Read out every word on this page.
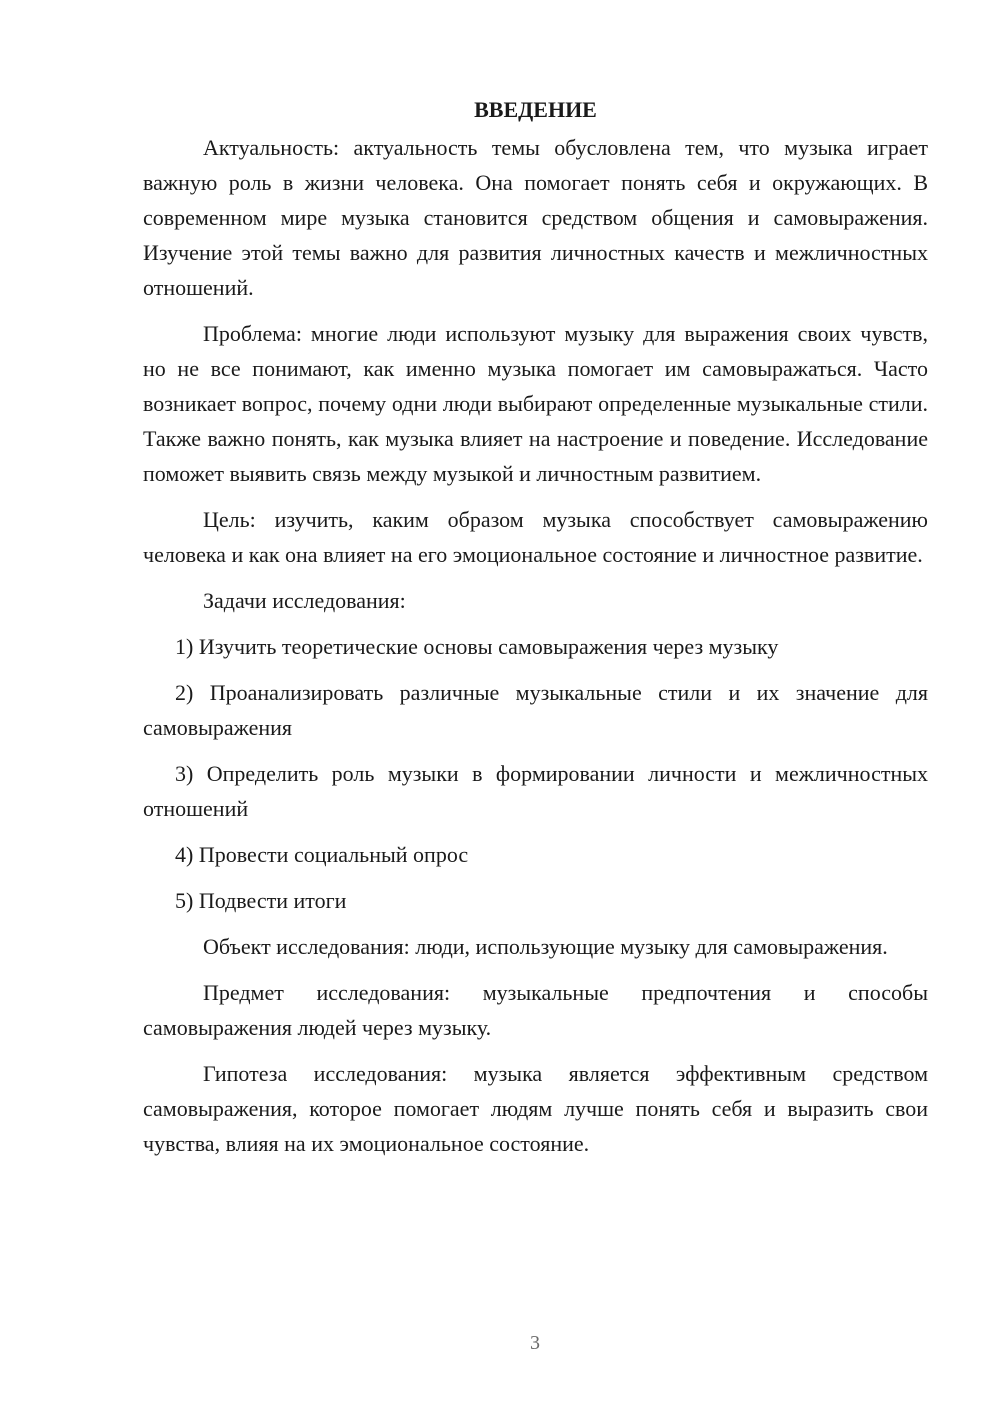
ВВЕДЕНИЕ

Актуальность: актуальность темы обусловлена тем, что музыка играет важную роль в жизни человека. Она помогает понять себя и окружающих. В современном мире музыка становится средством общения и самовыражения. Изучение этой темы важно для развития личностных качеств и межличностных отношений.

Проблема: многие люди используют музыку для выражения своих чувств, но не все понимают, как именно музыка помогает им самовыражаться. Часто возникает вопрос, почему одни люди выбирают определенные музыкальные стили. Также важно понять, как музыка влияет на настроение и поведение. Исследование поможет выявить связь между музыкой и личностным развитием.

Цель: изучить, каким образом музыка способствует самовыражению человека и как она влияет на его эмоциональное состояние и личностное развитие.

Задачи исследования:

1) Изучить теоретические основы самовыражения через музыку

2) Проанализировать различные музыкальные стили и их значение для самовыражения

3) Определить роль музыки в формировании личности и межличностных отношений

4) Провести социальный опрос

5) Подвести итоги

Объект исследования: люди, использующие музыку для самовыражения.

Предмет исследования: музыкальные предпочтения и способы самовыражения людей через музыку.

Гипотеза исследования: музыка является эффективным средством самовыражения, которое помогает людям лучше понять себя и выразить свои чувства, влияя на их эмоциональное состояние.

3
